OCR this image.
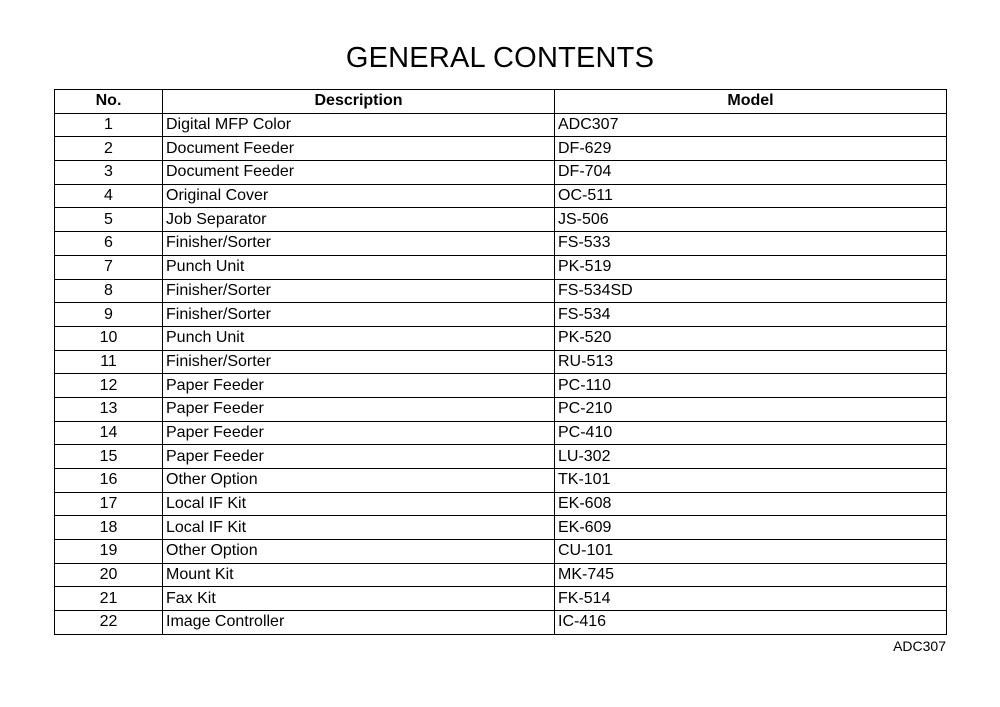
GENERAL CONTENTS
No.	Description	Model
1	Digital MFP Color	ADC307
2	Document Feeder	DF-629
3	Document Feeder	DF-704
4	Original Cover	OC-511
5	Job Separator	JS-506
6	Finisher/Sorter	FS-533
7	Punch Unit	PK-519
8	Finisher/Sorter	FS-534SD
9	Finisher/Sorter	FS-534
10	Punch Unit	PK-520
11	Finisher/Sorter	RU-513
12	Paper Feeder	PC-110
13	Paper Feeder	PC-210
14	Paper Feeder	PC-410
15	Paper Feeder	LU-302
16	Other Option	TK-101
17	Local IF Kit	EK-608
18	Local IF Kit	EK-609
19	Other Option	CU-101
20	Mount Kit	MK-745
21	Fax Kit	FK-514
22	Image Controller	IC-416
ADC307
